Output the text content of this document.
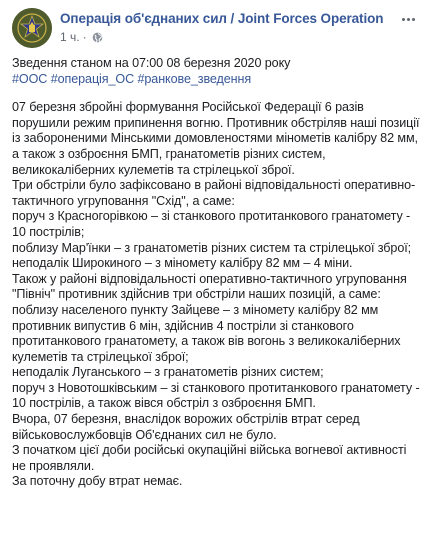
Операція об'єднаних сил / Joint Forces Operation
1 ч. ·

Зведення станом на 07:00 08 березня 2020 року

#ООС #операція_ОС #ранкове_зведення

07 березня збройні формування Російської Федерації 6 разів порушили режим припинення вогню. Противник обстріляв наші позиції із забороненими Мінськими домовленостями мінометів калібру 82 мм, а також з озброєння БМП, гранатометів різних систем, великокаліберних кулеметів та стрілецької зброї.

Три обстріли було зафіксовано в районі відповідальності оперативно-тактичного угруповання "Схід", а саме:

поруч з Красногорівкою – зі станкового протитанкового гранатомету - 10 пострілів;

поблизу Мар'їнки – з гранатометів різних систем та стрілецької зброї;

неподалік Широкиного – з міномету калібру 82 мм – 4 міни.

Також у районі відповідальності оперативно-тактичного угруповання "Північ" противник здійснив три обстріли наших позицій, а саме:

поблизу населеного пункту Зайцеве – з міномету калібру 82 мм противник випустив 6 мін, здійснив 4 постріли зі станкового протитанкового гранатомету, а також вів вогонь з великокаліберних кулеметів та стрілецької зброї;

неподалік Луганського – з гранатометів різних систем;

поруч з Новотошківським – зі станкового протитанкового гранатомету - 10 пострілів, а також вівся обстріл з озброєння БМП.

Вчора, 07 березня, внаслідок ворожих обстрілів втрат серед військовослужбовців Об'єднаних сил не було.

З початком цієї доби російські окупаційні війська вогневої активності не проявляли.

За поточну добу втрат немає.
